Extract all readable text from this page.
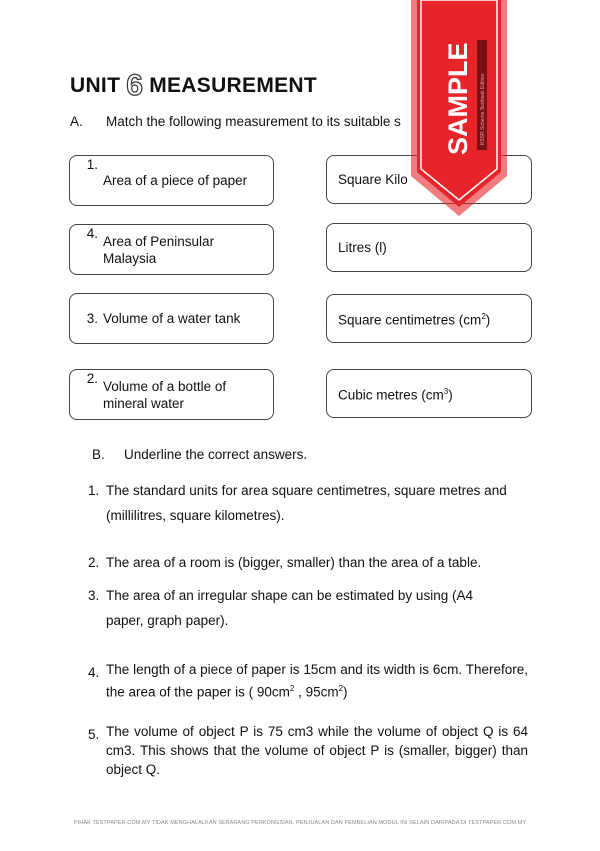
UNIT 6 MEASUREMENT
A. Match the following measurement to its suitable s
1.
Area of a piece of paper
4. Area of Peninsular Malaysia
3. Volume of a water tank
2. Volume of a bottle of mineral water
Square Kilo
Litres (l)
Square centimetres $(cm^2)$
Cubic metres $(cm^3)$
B. Underline the correct answers.
1. The standard units for area square centimetres, square metres and (millilitres, square kilometres).
2. The area of a room is (bigger, smaller) than the area of a table.
3. The area of an irregular shape can be estimated by using (A4 paper, graph paper).
4. The length of a piece of paper is 15cm and its width is 6cm. Therefore, the area of the paper is ( $90cm^2$ , $95cm^2$)
5. The volume of object P is 75 cm3 while the volume of object Q is 64 cm3. This shows that the volume of object P is (smaller, bigger) than object Q.
PIHAK TESTPAPER.COM.MY TIDAK MENGHALALKAN SEBARANG PERKONGSIAN, PENJUALAN DAN PEMBELIAN MODUL INI SELAIN DARIPADA DI TESTPAPER.COM.MY
KSSR Scheme Textbook Edition
SAMPLE
